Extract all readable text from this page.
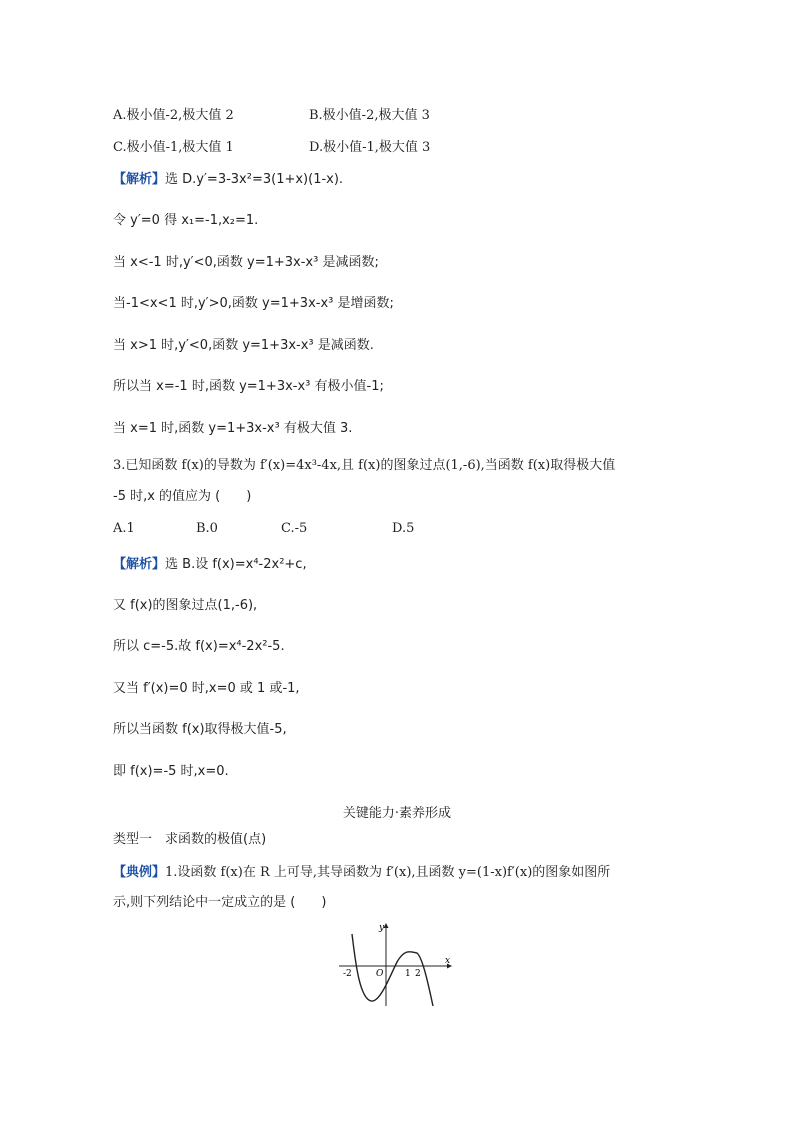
A.极小值-2,极大值 2	B.极小值-2,极大值 3
C.极小值-1,极大值 1	D.极小值-1,极大值 3
【解析】选 D.y′=3-3x²=3(1+x)(1-x).
令 y′=0 得 x₁=-1,x₂=1.
当 x<-1 时,y′<0,函数 y=1+3x-x³ 是减函数;
当-1<x<1 时,y′>0,函数 y=1+3x-x³ 是增函数;
当 x>1 时,y′<0,函数 y=1+3x-x³ 是减函数.
所以当 x=-1 时,函数 y=1+3x-x³ 有极小值-1;
当 x=1 时,函数 y=1+3x-x³ 有极大值 3.
3.已知函数 f(x)的导数为 f′(x)=4x³-4x,且 f(x)的图象过点(1,-6),当函数 f(x)取得极大值
-5 时,x 的值应为 (　　)
A.1	B.0	C.-5	D.5
【解析】选 B.设 f(x)=x⁴-2x²+c,
又 f(x)的图象过点(1,-6),
所以 c=-5.故 f(x)=x⁴-2x²-5.
又当 f′(x)=0 时,x=0 或 1 或-1,
所以当函数 f(x)取得极大值-5,
即 f(x)=-5 时,x=0.
关键能力·素养形成
类型一　求函数的极值(点)
【典例】1.设函数 f(x)在 R 上可导,其导函数为 f′(x),且函数 y=(1-x)f′(x)的图象如图所
示,则下列结论中一定成立的是 (　　)
y
x
O
-2	1 2
